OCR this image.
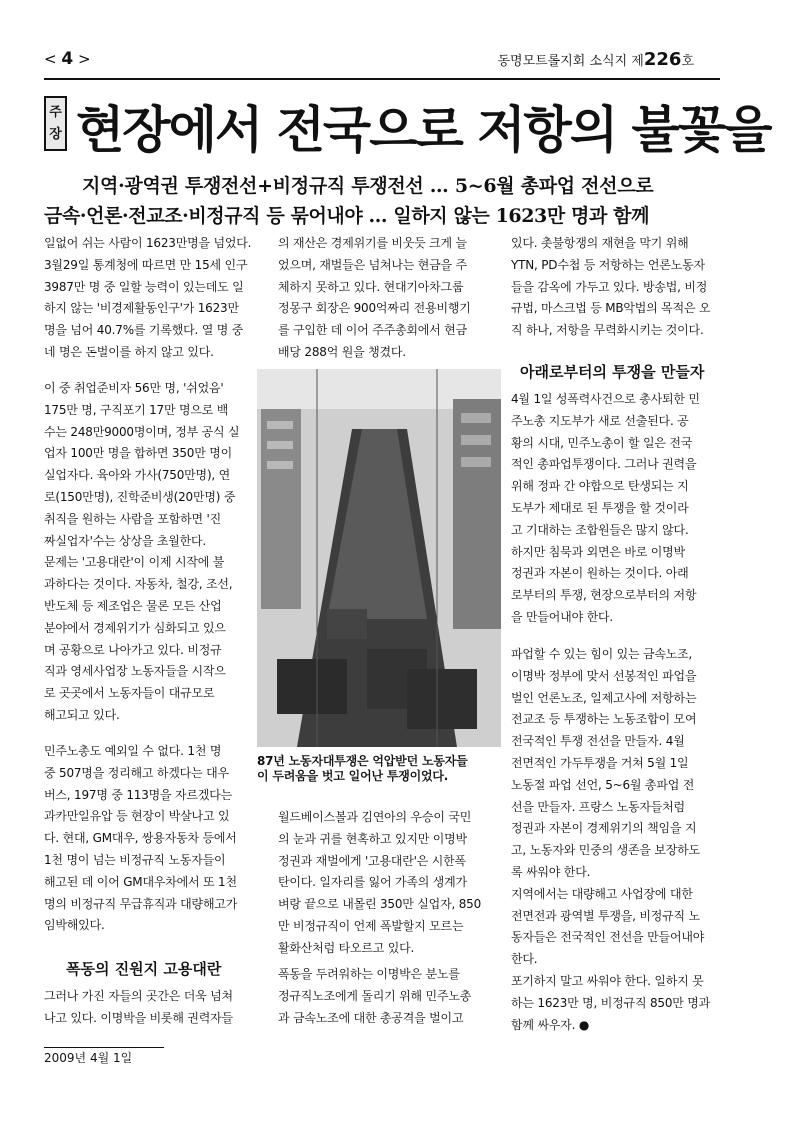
< 4 >	동명모트롤지회 소식지 제226호
주
장 현장에서 전국으로 저항의 불꽃을
지역·광역권 투쟁전선+비정규직 투쟁전선 … 5~6월 총파업 전선으로
금속·언론·전교조·비정규직 등 묶어내야 … 일하지 않는 1623만 명과 함께

일없어 쉬는 사람이 1623만명을 넘었다.

3월29일 통계청에 따르면 만 15세 인구

3987만 명 중 일할 능력이 있는데도 일

하지 않는 '비경제활동인구'가 1623만

명을 넘어 40.7%를 기록했다. 열 명 중

네 명은 돈벌이를 하지 않고 있다.

이 중 취업준비자 56만 명, '쉬었음'

175만 명, 구직포기 17만 명으로 백

수는 248만9000명이며, 정부 공식 실

업자 100만 명을 합하면 350만 명이

실업자다. 육아와 가사(750만명), 연

로(150만명), 진학준비생(20만명) 중

취직을 원하는 사람을 포함하면 '진

짜실업자'수는 상상을 초월한다.

문제는 '고용대란'이 이제 시작에 불

과하다는 것이다. 자동차, 철강, 조선,

반도체 등 제조업은 물론 모든 산업

분야에서 경제위기가 심화되고 있으

며 공황으로 나아가고 있다. 비정규

직과 영세사업장 노동자들을 시작으

로 곳곳에서 노동자들이 대규모로

해고되고 있다.

민주노총도 예외일 수 없다. 1천 명

중 507명을 정리해고 하겠다는 대우

버스, 197명 중 113명을 자르겠다는

과카만일유압 등 현장이 박살나고 있

다. 현대, GM대우, 쌍용자동차 등에서

1천 명이 넘는 비정규직 노동자들이

해고된 데 이어 GM대우차에서 또 1천

명의 비정규직 무급휴직과 대량해고가

임박해있다.

폭동의 진원지 고용대란

그러나 가진 자들의 곳간은 더욱 넘쳐

나고 있다. 이명박을 비롯해 권력자들

의 재산은 경제위기를 비웃듯 크게 늘

었으며, 재벌들은 넘쳐나는 현금을 주

체하지 못하고 있다. 현대기아차그룹

정몽구 회장은 900억짜리 전용비행기

를 구입한 데 이어 주주총회에서 현금

배당 288억 원을 챙겼다.

87년 노동자대투쟁은 억압받던 노동자들
이 두려움을 벗고 일어난 투쟁이었다.

월드베이스볼과 김연아의 우승이 국민

의 눈과 귀를 현혹하고 있지만 이명박

정권과 재벌에게 '고용대란'은 시한폭

탄이다. 일자리를 잃어 가족의 생계가

벼랑 끝으로 내몰린 350만 실업자, 850

만 비정규직이 언제 폭발할지 모르는

활화산처럼 타오르고 있다.

폭동을 두려워하는 이명박은 분노를

정규직노조에게 돌리기 위해 민주노총

과 금속노조에 대한 총공격을 벌이고

있다. 촛불항쟁의 재현을 막기 위해

YTN, PD수첩 등 저항하는 언론노동자

들을 감옥에 가두고 있다. 방송법, 비정

규법, 마스크법 등 MB악법의 목적은 오

직 하나, 저항을 무력화시키는 것이다.

아래로부터의 투쟁을 만들자

4월 1일 성폭력사건으로 총사퇴한 민

주노총 지도부가 새로 선출된다. 공

황의 시대, 민주노총이 할 일은 전국

적인 총파업투쟁이다. 그러나 권력을

위해 정파 간 야합으로 탄생되는 지

도부가 제대로 된 투쟁을 할 것이라

고 기대하는 조합원들은 많지 않다.

하지만 침묵과 외면은 바로 이명박

정권과 자본이 원하는 것이다. 아래

로부터의 투쟁, 현장으로부터의 저항

을 만들어내야 한다.

파업할 수 있는 힘이 있는 금속노조,

이명박 정부에 맞서 선봉적인 파업을

벌인 언론노조, 일제고사에 저항하는

전교조 등 투쟁하는 노동조합이 모여

전국적인 투쟁 전선을 만들자. 4월

전면적인 가두투쟁을 거쳐 5월 1일

노동절 파업 선언, 5~6월 총파업 전

선을 만들자. 프랑스 노동자들처럼

정권과 자본이 경제위기의 책임을 지

고, 노동자와 민중의 생존을 보장하도

록 싸워야 한다.

지역에서는 대량해고 사업장에 대한

전면전과 광역별 투쟁을, 비정규직 노

동자들은 전국적인 전선을 만들어내야

한다.

포기하지 말고 싸워야 한다. 일하지 못

하는 1623만 명, 비정규직 850만 명과

함께 싸우자. ●

2009년 4월 1일
